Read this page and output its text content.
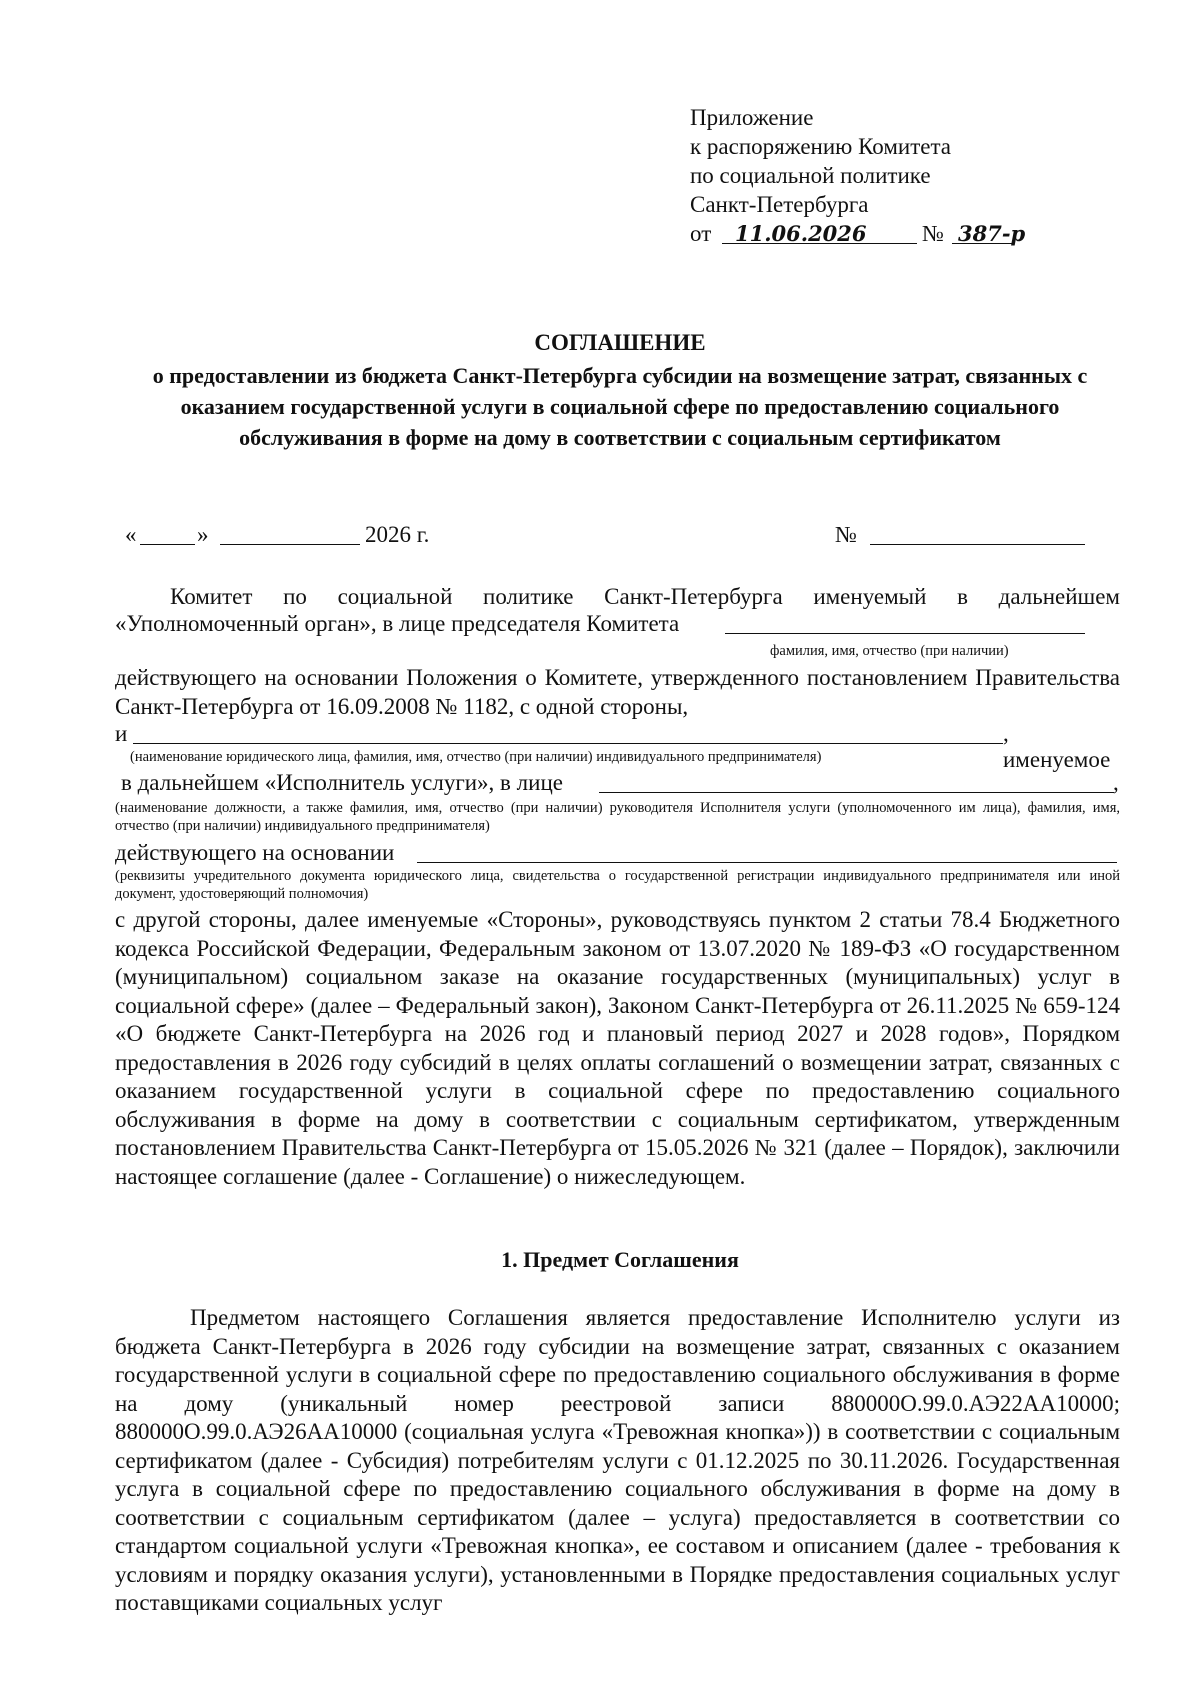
Приложение
к распоряжению Комитета
по социальной политике
Санкт-Петербурга
от 11.06.2026 № 387-р
СОГЛАШЕНИЕ
о предоставлении из бюджета Санкт-Петербурга субсидии на возмещение затрат, связанных с оказанием государственной услуги в социальной сфере по предоставлению социального обслуживания в форме на дому в соответствии с социальным сертификатом
«	»	2026 г.	№
Комитет по социальной политике Санкт-Петербурга именуемый в дальнейшем
«Уполномоченный орган», в лице председателя Комитета
фамилия, имя, отчество (при наличии)
действующего на основании Положения о Комитете, утвержденного постановлением Правительства Санкт-Петербурга от 16.09.2008 № 1182, с одной стороны,
и	, именуемое
(наименование юридического лица, фамилия, имя, отчество (при наличии) индивидуального предпринимателя)
в дальнейшем «Исполнитель услуги», в лице	,
(наименование должности, а также фамилия, имя, отчество (при наличии) руководителя Исполнителя услуги (уполномоченного им лица), фамилия, имя, отчество (при наличии) индивидуального предпринимателя)
действующего на основании
(реквизиты учредительного документа юридического лица, свидетельства о государственной регистрации индивидуального предпринимателя или иной документ, удостоверяющий полномочия)
с другой стороны, далее именуемые «Стороны», руководствуясь пунктом 2 статьи 78.4 Бюджетного кодекса Российской Федерации, Федеральным законом от 13.07.2020 № 189-ФЗ «О государственном (муниципальном) социальном заказе на оказание государственных (муниципальных) услуг в социальной сфере» (далее – Федеральный закон), Законом Санкт-Петербурга от 26.11.2025 № 659-124 «О бюджете Санкт-Петербурга на 2026 год и плановый период 2027 и 2028 годов», Порядком предоставления в 2026 году субсидий в целях оплаты соглашений о возмещении затрат, связанных с оказанием государственной услуги в социальной сфере по предоставлению социального обслуживания в форме на дому в соответствии с социальным сертификатом, утвержденным постановлением Правительства Санкт-Петербурга от 15.05.2026 № 321 (далее – Порядок), заключили настоящее соглашение (далее - Соглашение) о нижеследующем.
1. Предмет Соглашения
Предметом настоящего Соглашения является предоставление Исполнителю услуги из бюджета Санкт-Петербурга в 2026 году субсидии на возмещение затрат, связанных с оказанием государственной услуги в социальной сфере по предоставлению социального обслуживания в форме на дому (уникальный номер реестровой записи 880000О.99.0.АЭ22АА10000; 880000О.99.0.АЭ26АА10000 (социальная услуга «Тревожная кнопка»)) в соответствии с социальным сертификатом (далее - Субсидия) потребителям услуги с 01.12.2025 по 30.11.2026. Государственная услуга в социальной сфере по предоставлению социального обслуживания в форме на дому в соответствии с социальным сертификатом (далее – услуга) предоставляется в соответствии со стандартом социальной услуги «Тревожная кнопка», ее составом и описанием (далее - требования к условиям и порядку оказания услуги), установленными в Порядке предоставления социальных услуг поставщиками социальных услуг
